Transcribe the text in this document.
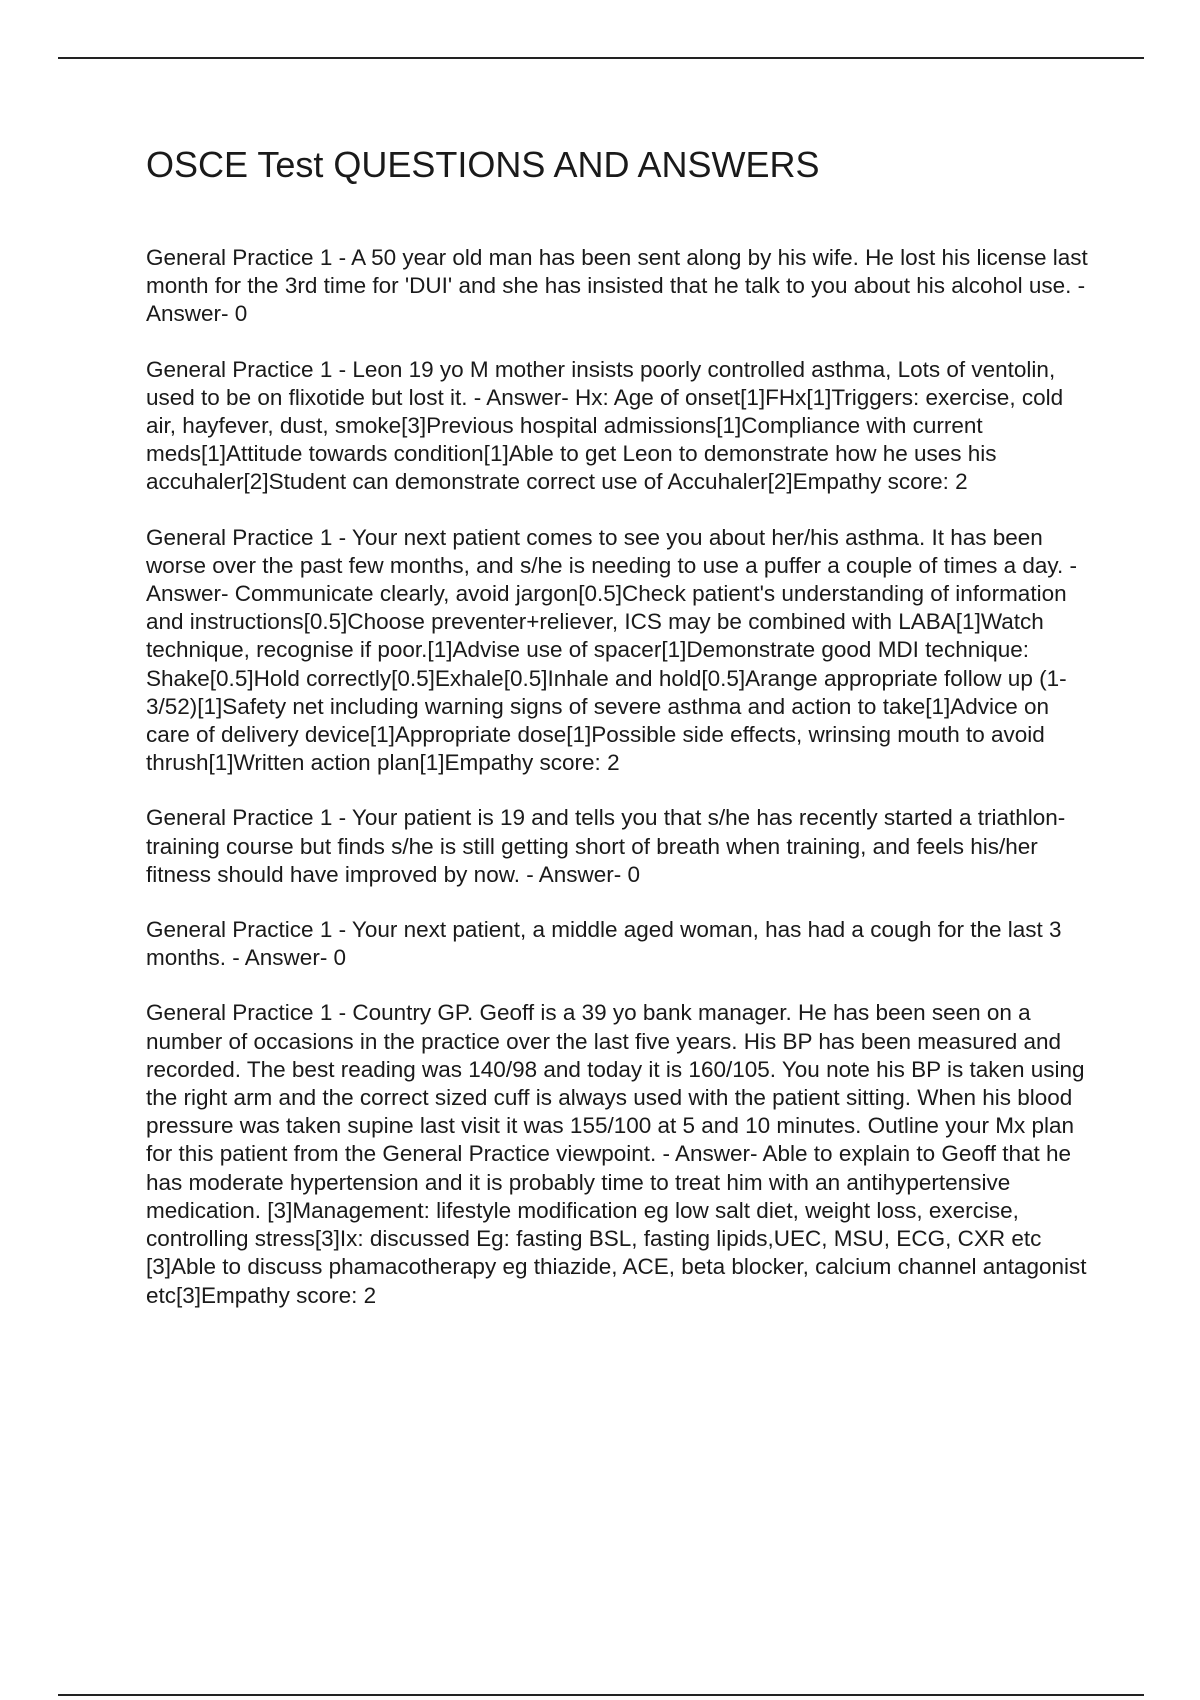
OSCE Test QUESTIONS AND ANSWERS

General Practice 1 - A 50 year old man has been sent along by his wife. He lost his license last month for the 3rd time for 'DUI' and she has insisted that he talk to you about his alcohol use. - Answer- 0

General Practice 1 - Leon 19 yo M mother insists poorly controlled asthma, Lots of ventolin, used to be on flixotide but lost it. - Answer- Hx: Age of onset[1]FHx[1]Triggers: exercise, cold air, hayfever, dust, smoke[3]Previous hospital admissions[1]Compliance with current meds[1]Attitude towards condition[1]Able to get Leon to demonstrate how he uses his accuhaler[2]Student can demonstrate correct use of Accuhaler[2]Empathy score: 2

General Practice 1 - Your next patient comes to see you about her/his asthma. It has been worse over the past few months, and s/he is needing to use a puffer a couple of times a day. - Answer- Communicate clearly, avoid jargon[0.5]Check patient's understanding of information and instructions[0.5]Choose preventer+reliever, ICS may be combined with LABA[1]Watch technique, recognise if poor.[1]Advise use of spacer[1]Demonstrate good MDI technique: Shake[0.5]Hold correctly[0.5]Exhale[0.5]Inhale and hold[0.5]Arange appropriate follow up (1-3/52)[1]Safety net including warning signs of severe asthma and action to take[1]Advice on care of delivery device[1]Appropriate dose[1]Possible side effects, wrinsing mouth to avoid thrush[1]Written action plan[1]Empathy score: 2

General Practice 1 - Your patient is 19 and tells you that s/he has recently started a triathlon-training course but finds s/he is still getting short of breath when training, and feels his/her fitness should have improved by now. - Answer- 0

General Practice 1 - Your next patient, a middle aged woman, has had a cough for the last 3 months. - Answer- 0

General Practice 1 - Country GP. Geoff is a 39 yo bank manager. He has been seen on a number of occasions in the practice over the last five years. His BP has been measured and recorded. The best reading was 140/98 and today it is 160/105. You note his BP is taken using the right arm and the correct sized cuff is always used with the patient sitting. When his blood pressure was taken supine last visit it was 155/100 at 5 and 10 minutes. Outline your Mx plan for this patient from the General Practice viewpoint. - Answer- Able to explain to Geoff that he has moderate hypertension and it is probably time to treat him with an antihypertensive medication. [3]Management: lifestyle modification eg low salt diet, weight loss, exercise, controlling stress[3]Ix: discussed Eg: fasting BSL, fasting lipids,UEC, MSU, ECG, CXR etc [3]Able to discuss phamacotherapy eg thiazide, ACE, beta blocker, calcium channel antagonist etc[3]Empathy score: 2
